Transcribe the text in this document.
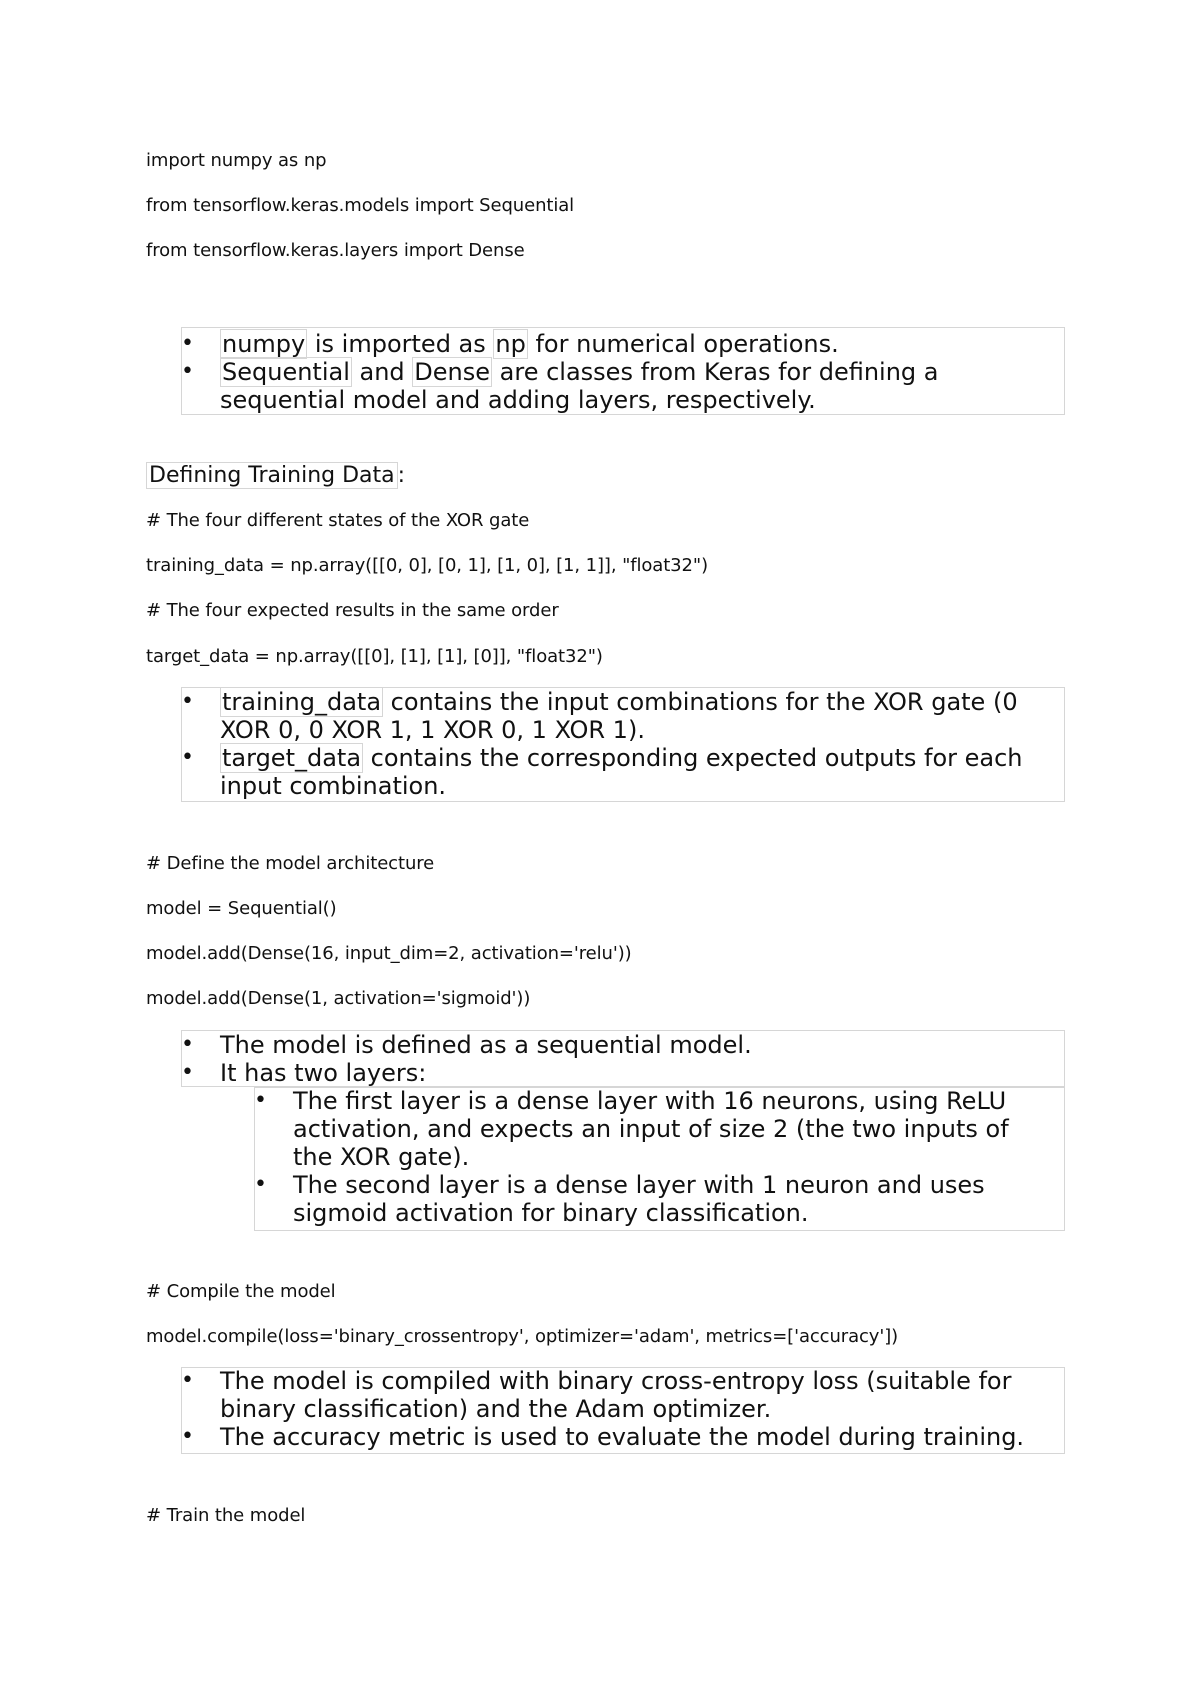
import numpy as np
from tensorflow.keras.models import Sequential
from tensorflow.keras.layers import Dense
• numpy is imported as np for numerical operations.
• Sequential and Dense are classes from Keras for defining a
sequential model and adding layers, respectively.
Defining Training Data :
# The four different states of the XOR gate
training_data = np.array([[0, 0], [0, 1], [1, 0], [1, 1]], "float32")
# The four expected results in the same order
target_data = np.array([[0], [1], [1], [0]], "float32")
• training_data contains the input combinations for the XOR gate (0
XOR 0, 0 XOR 1, 1 XOR 0, 1 XOR 1).
• target_data contains the corresponding expected outputs for each
input combination.
# Define the model architecture
model = Sequential()
model.add(Dense(16, input_dim=2, activation='relu'))
model.add(Dense(1, activation='sigmoid'))
• The model is defined as a sequential model.
• It has two layers:
• The first layer is a dense layer with 16 neurons, using ReLU
activation, and expects an input of size 2 (the two inputs of
the XOR gate).
• The second layer is a dense layer with 1 neuron and uses
sigmoid activation for binary classification.
# Compile the model
model.compile(loss='binary_crossentropy', optimizer='adam', metrics=['accuracy'])
• The model is compiled with binary cross-entropy loss (suitable for
binary classification) and the Adam optimizer.
• The accuracy metric is used to evaluate the model during training.
# Train the model
